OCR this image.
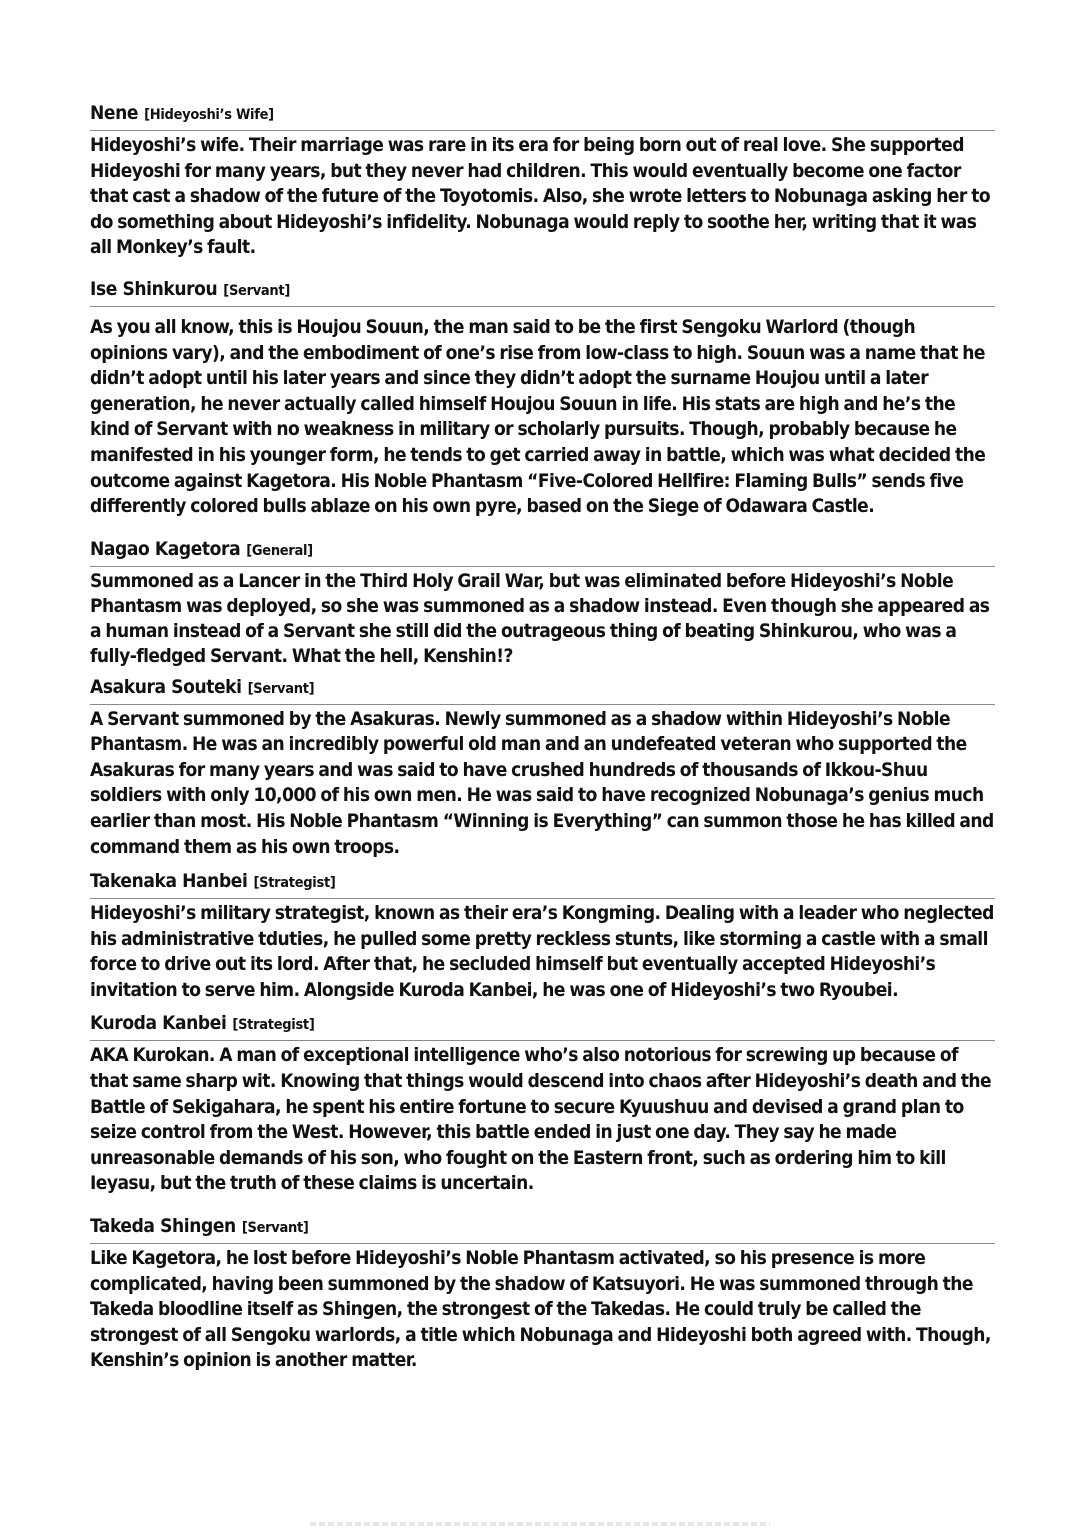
Nene [Hideyoshi’s Wife]

Hideyoshi’s wife. Their marriage was rare in its era for being born out of real love. She supported Hideyoshi for many years, but they never had children. This would eventually become one factor that cast a shadow of the future of the Toyotomis. Also, she wrote letters to Nobunaga asking her to do something about Hideyoshi’s infidelity. Nobunaga would reply to soothe her, writing that it was all Monkey’s fault.

Ise Shinkurou [Servant]

As you all know, this is Houjou Souun, the man said to be the first Sengoku Warlord (though opinions vary), and the embodiment of one’s rise from low-class to high. Souun was a name that he didn’t adopt until his later years and since they didn’t adopt the surname Houjou until a later generation, he never actually called himself Houjou Souun in life. His stats are high and he’s the kind of Servant with no weakness in military or scholarly pursuits. Though, probably because he manifested in his younger form, he tends to get carried away in battle, which was what decided the outcome against Kagetora. His Noble Phantasm “Five-Colored Hellfire: Flaming Bulls” sends five differently colored bulls ablaze on his own pyre, based on the Siege of Odawara Castle.

Nagao Kagetora [General]

Summoned as a Lancer in the Third Holy Grail War, but was eliminated before Hideyoshi’s Noble Phantasm was deployed, so she was summoned as a shadow instead. Even though she appeared as a human instead of a Servant she still did the outrageous thing of beating Shinkurou, who was a fully-fledged Servant. What the hell, Kenshin!?

Asakura Souteki [Servant]

A Servant summoned by the Asakuras. Newly summoned as a shadow within Hideyoshi’s Noble Phantasm. He was an incredibly powerful old man and an undefeated veteran who supported the Asakuras for many years and was said to have crushed hundreds of thousands of Ikkou-Shuu soldiers with only 10,000 of his own men. He was said to have recognized Nobunaga’s genius much earlier than most. His Noble Phantasm “Winning is Everything” can summon those he has killed and command them as his own troops.

Takenaka Hanbei [Strategist]

Hideyoshi’s military strategist, known as their era’s Kongming. Dealing with a leader who neglected his administrative tduties, he pulled some pretty reckless stunts, like storming a castle with a small force to drive out its lord. After that, he secluded himself but eventually accepted Hideyoshi’s invitation to serve him. Alongside Kuroda Kanbei, he was one of Hideyoshi’s two Ryoubei.

Kuroda Kanbei [Strategist]

AKA Kurokan. A man of exceptional intelligence who’s also notorious for screwing up because of that same sharp wit. Knowing that things would descend into chaos after Hideyoshi’s death and the Battle of Sekigahara, he spent his entire fortune to secure Kyuushuu and devised a grand plan to seize control from the West. However, this battle ended in just one day. They say he made unreasonable demands of his son, who fought on the Eastern front, such as ordering him to kill Ieyasu, but the truth of these claims is uncertain.

Takeda Shingen [Servant]

Like Kagetora, he lost before Hideyoshi’s Noble Phantasm activated, so his presence is more complicated, having been summoned by the shadow of Katsuyori. He was summoned through the Takeda bloodline itself as Shingen, the strongest of the Takedas. He could truly be called the strongest of all Sengoku warlords, a title which Nobunaga and Hideyoshi both agreed with. Though, Kenshin’s opinion is another matter.
